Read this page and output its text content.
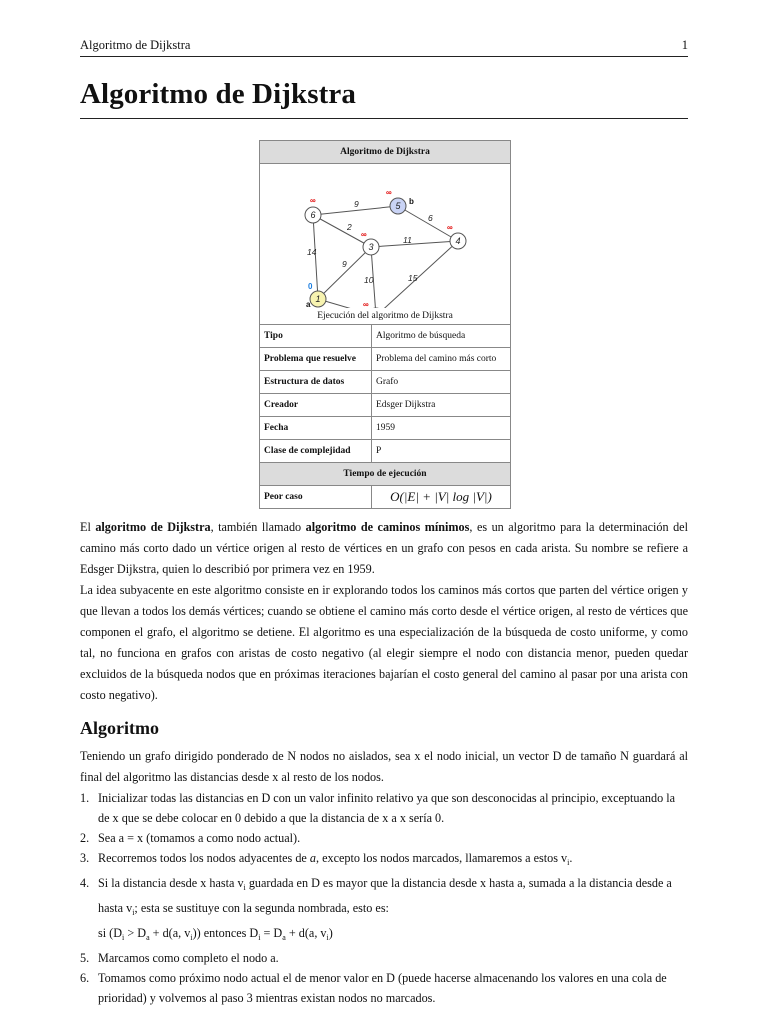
Algoritmo de Dijkstra	1
Algoritmo de Dijkstra
Algoritmo de Dijkstra
9
6
2
11
14
9
10	15
6
5
3
4
1
∞
∞
∞
∞
∞
0
a
b
Ejecución del algoritmo de Dijkstra
Tipo	Algoritmo de búsqueda
Problema que resuelve	Problema del camino más corto
Estructura de datos	Grafo
Creador	Edsger Dijkstra
Fecha	1959
Clase de complejidad	P
Tiempo de ejecución	
Peor caso	O(|E| + |V| log |V|)

El algoritmo de Dijkstra, también llamado algoritmo de caminos mínimos, es un algoritmo para la determinación del camino más corto dado un vértice origen al resto de vértices en un grafo con pesos en cada arista. Su nombre se refiere a Edsger Dijkstra, quien lo describió por primera vez en 1959.

La idea subyacente en este algoritmo consiste en ir explorando todos los caminos más cortos que parten del vértice origen y que llevan a todos los demás vértices; cuando se obtiene el camino más corto desde el vértice origen, al resto de vértices que componen el grafo, el algoritmo se detiene. El algoritmo es una especialización de la búsqueda de costo uniforme, y como tal, no funciona en grafos con aristas de costo negativo (al elegir siempre el nodo con distancia menor, pueden quedar excluidos de la búsqueda nodos que en próximas iteraciones bajarían el costo general del camino al pasar por una arista con costo negativo).

Algoritmo

Teniendo un grafo dirigido ponderado de N nodos no aislados, sea x el nodo inicial, un vector D de tamaño N guardará al final del algoritmo las distancias desde x al resto de los nodos.

1. Inicializar todas las distancias en D con un valor infinito relativo ya que son desconocidas al principio, exceptuando la de x que se debe colocar en 0 debido a que la distancia de x a x sería 0.
2. Sea a = x (tomamos a como nodo actual).
3. Recorremos todos los nodos adyacentes de a, excepto los nodos marcados, llamaremos a estos $v_i$.
4. Si la distancia desde x hasta $v_i$ guardada en D es mayor que la distancia desde x hasta a, sumada a la distancia desde a hasta $v_i$; esta se sustituye con la segunda nombrada, esto es:
si ($D_i > D_a + d(a$, $v_i$)) entonces $D_i = D_a + d(a$, $v_i$)
5. Marcamos como completo el nodo a.
6. Tomamos como próximo nodo actual el de menor valor en D (puede hacerse almacenando los valores en una cola de prioridad) y volvemos al paso 3 mientras existan nodos no marcados.
